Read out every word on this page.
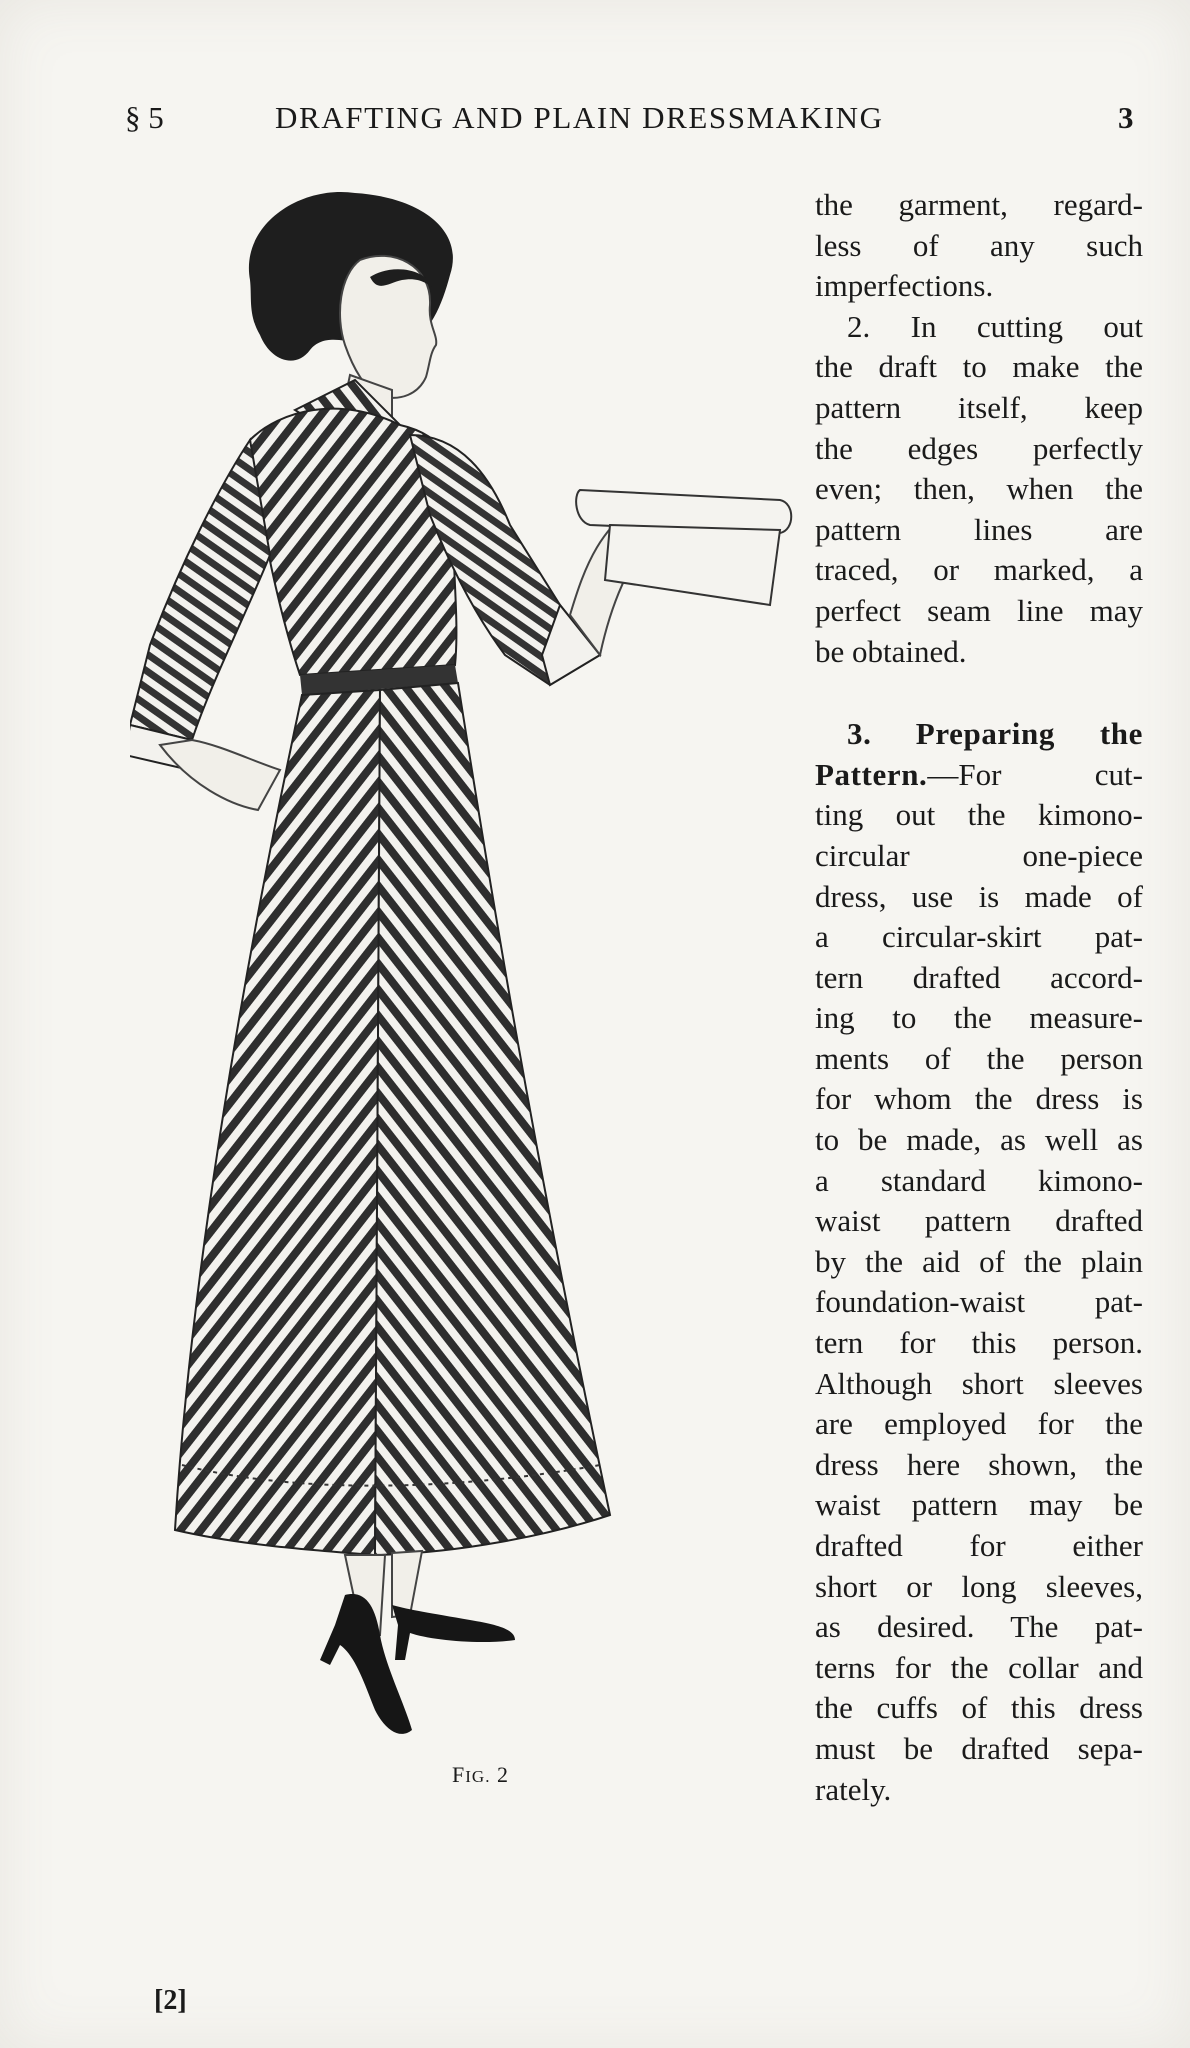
§ 5	DRAFTING AND PLAIN DRESSMAKING	3
FIG. 2
the garment, regard-
less of any such
imperfections.
2. In cutting out
the draft to make the
pattern itself, keep
the edges perfectly
even; then, when the
pattern lines are
traced, or marked, a
perfect seam line may
be obtained.
3. Preparing the
Pattern.—For cut-
ting out the kimono-
circular one-piece
dress, use is made of
a circular-skirt pat-
tern drafted accord-
ing to the measure-
ments of the person
for whom the dress is
to be made, as well as
a standard kimono-
waist pattern drafted
by the aid of the plain
foundation-waist pat-
tern for this person.
Although short sleeves
are employed for the
dress here shown, the
waist pattern may be
drafted for either
short or long sleeves,
as desired. The pat-
terns for the collar and
the cuffs of this dress
must be drafted sepa-
rately.
[2]
